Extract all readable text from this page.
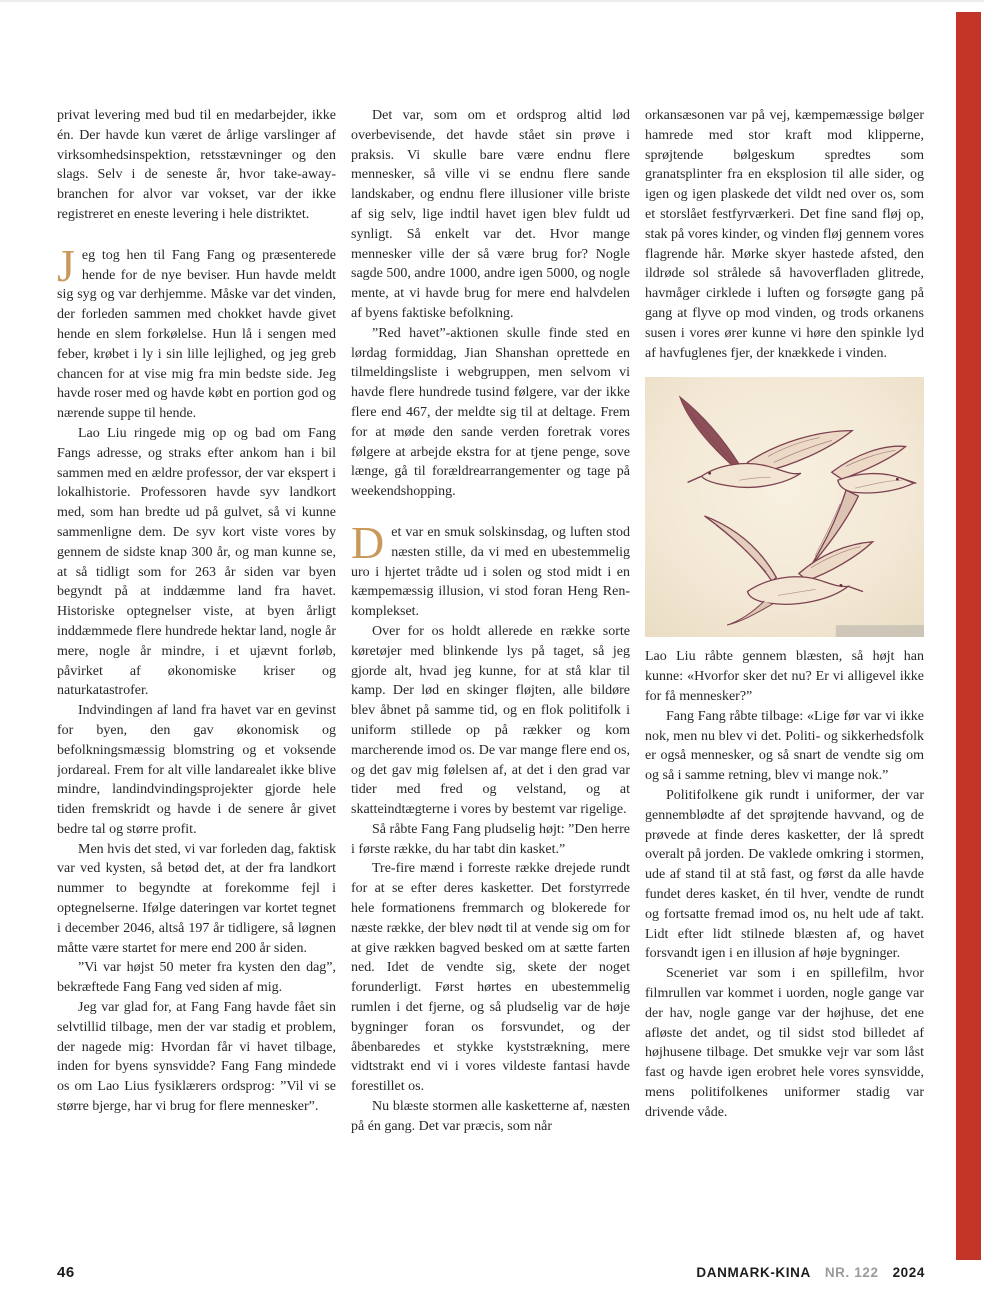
privat levering med bud til en medarbejder, ikke én. Der havde kun været de årlige varslinger af virksomhedsinspektion, retsstævninger og den slags. Selv i de seneste år, hvor take-away-branchen for alvor var vokset, var der ikke registreret en eneste levering i hele distriktet.

Jeg tog hen til Fang Fang og præsenterede hende for de nye beviser. Hun havde meldt sig syg og var derhjemme. Måske var det vinden, der forleden sammen med chokket havde givet hende en slem forkølelse. Hun lå i sengen med feber, krøbet i ly i sin lille lejlighed, og jeg greb chancen for at vise mig fra min bedste side. Jeg havde roser med og havde købt en portion god og nærende suppe til hende.

Lao Liu ringede mig op og bad om Fang Fangs adresse, og straks efter ankom han i bil sammen med en ældre professor, der var ekspert i lokalhistorie. Professoren havde syv landkort med, som han bredte ud på gulvet, så vi kunne sammenligne dem. De syv kort viste vores by gennem de sidste knap 300 år, og man kunne se, at så tidligt som for 263 år siden var byen begyndt på at inddæmme land fra havet. Historiske optegnelser viste, at byen årligt inddæmmede flere hundrede hektar land, nogle år mere, nogle år mindre, i et ujævnt forløb, påvirket af økonomiske kriser og naturkatastrofer.

Indvindingen af land fra havet var en gevinst for byen, den gav økonomisk og befolkningsmæssig blomstring og et voksende jordareal. Frem for alt ville landarealet ikke blive mindre, landindvindingsprojekter gjorde hele tiden fremskridt og havde i de senere år givet bedre tal og større profit.

Men hvis det sted, vi var forleden dag, faktisk var ved kysten, så betød det, at der fra landkort nummer to begyndte at forekomme fejl i optegnelserne. Ifølge dateringen var kortet tegnet i december 2046, altså 197 år tidligere, så løgnen måtte være startet for mere end 200 år siden.

”Vi var højst 50 meter fra kysten den dag”, bekræftede Fang Fang ved siden af mig.

Jeg var glad for, at Fang Fang havde fået sin selvtillid tilbage, men der var stadig et problem, der nagede mig: Hvordan får vi havet tilbage, inden for byens synsvidde? Fang Fang mindede os om Lao Lius fysiklærers ordsprog: ”Vil vi se større bjerge, har vi brug for flere mennesker”.

Det var, som om et ordsprog altid lød overbevisende, det havde stået sin prøve i praksis. Vi skulle bare være endnu flere mennesker, så ville vi se endnu flere sande landskaber, og endnu flere illusioner ville briste af sig selv, lige indtil havet igen blev fuldt ud synligt. Så enkelt var det. Hvor mange mennesker ville der så være brug for? Nogle sagde 500, andre 1000, andre igen 5000, og nogle mente, at vi havde brug for mere end halvdelen af byens faktiske befolkning.

”Red havet”-aktionen skulle finde sted en lørdag formiddag, Jian Shanshan oprettede en tilmeldingsliste i webgruppen, men selvom vi havde flere hundrede tusind følgere, var der ikke flere end 467, der meldte sig til at deltage. Frem for at møde den sande verden foretrak vores følgere at arbejde ekstra for at tjene penge, sove længe, gå til forældrearrangementer og tage på weekendshopping.

Det var en smuk solskinsdag, og luften stod næsten stille, da vi med en ubestemmelig uro i hjertet trådte ud i solen og stod midt i en kæmpemæssig illusion, vi stod foran Heng Ren-komplekset.

Over for os holdt allerede en række sorte køretøjer med blinkende lys på taget, så jeg gjorde alt, hvad jeg kunne, for at stå klar til kamp. Der lød en skinger fløjten, alle bildøre blev åbnet på samme tid, og en flok politifolk i uniform stillede op på rækker og kom marcherende imod os. De var mange flere end os, og det gav mig følelsen af, at det i den grad var tider med fred og velstand, og at skatteindtægterne i vores by bestemt var rigelige.

Så råbte Fang Fang pludselig højt: ”Den herre i første række, du har tabt din kasket.”

Tre-fire mænd i forreste række drejede rundt for at se efter deres kasketter. Det forstyrrede hele formationens fremmarch og blokerede for næste række, der blev nødt til at vende sig om for at give rækken bagved besked om at sætte farten ned. Idet de vendte sig, skete der noget forunderligt. Først hørtes en ubestemmelig rumlen i det fjerne, og så pludselig var de høje bygninger foran os forsvundet, og der åbenbaredes et stykke kyststrækning, mere vidtstrakt end vi i vores vildeste fantasi havde forestillet os.

Nu blæste stormen alle kasketterne af, næsten på én gang. Det var præcis, som når

orkansæsonen var på vej, kæmpemæssige bølger hamrede med stor kraft mod klipperne, sprøjtende bølgeskum spredtes som granatsplinter fra en eksplosion til alle sider, og igen og igen plaskede det vildt ned over os, som et storslået festfyrværkeri. Det fine sand fløj op, stak på vores kinder, og vinden fløj gennem vores flagrende hår. Mørke skyer hastede afsted, den ildrøde sol strålede så havoverfladen glitrede, havmåger cirklede i luften og forsøgte gang på gang at flyve op mod vinden, og trods orkanens susen i vores ører kunne vi høre den spinkle lyd af havfuglenes fjer, der knækkede i vinden.

Lao Liu råbte gennem blæsten, så højt han kunne: «Hvorfor sker det nu? Er vi alligevel ikke for få mennesker?”

Fang Fang råbte tilbage: «Lige før var vi ikke nok, men nu blev vi det. Politi- og sikkerhedsfolk er også mennesker, og så snart de vendte sig om og så i samme retning, blev vi mange nok.”

Politifolkene gik rundt i uniformer, der var gennemblødte af det sprøjtende havvand, og de prøvede at finde deres kasketter, der lå spredt overalt på jorden. De vaklede omkring i stormen, ude af stand til at stå fast, og først da alle havde fundet deres kasket, én til hver, vendte de rundt og fortsatte fremad imod os, nu helt ude af takt. Lidt efter lidt stilnede blæsten af, og havet forsvandt igen i en illusion af høje bygninger.

Sceneriet var som i en spillefilm, hvor filmrullen var kommet i uorden, nogle gange var der hav, nogle gange var der højhuse, det ene afløste det andet, og til sidst stod billedet af højhusene tilbage. Det smukke vejr var som låst fast og havde igen erobret hele vores synsvidde, mens politifolkenes uniformer stadig var drivende våde.

46	DANMARK-KINA NR. 122 2024
